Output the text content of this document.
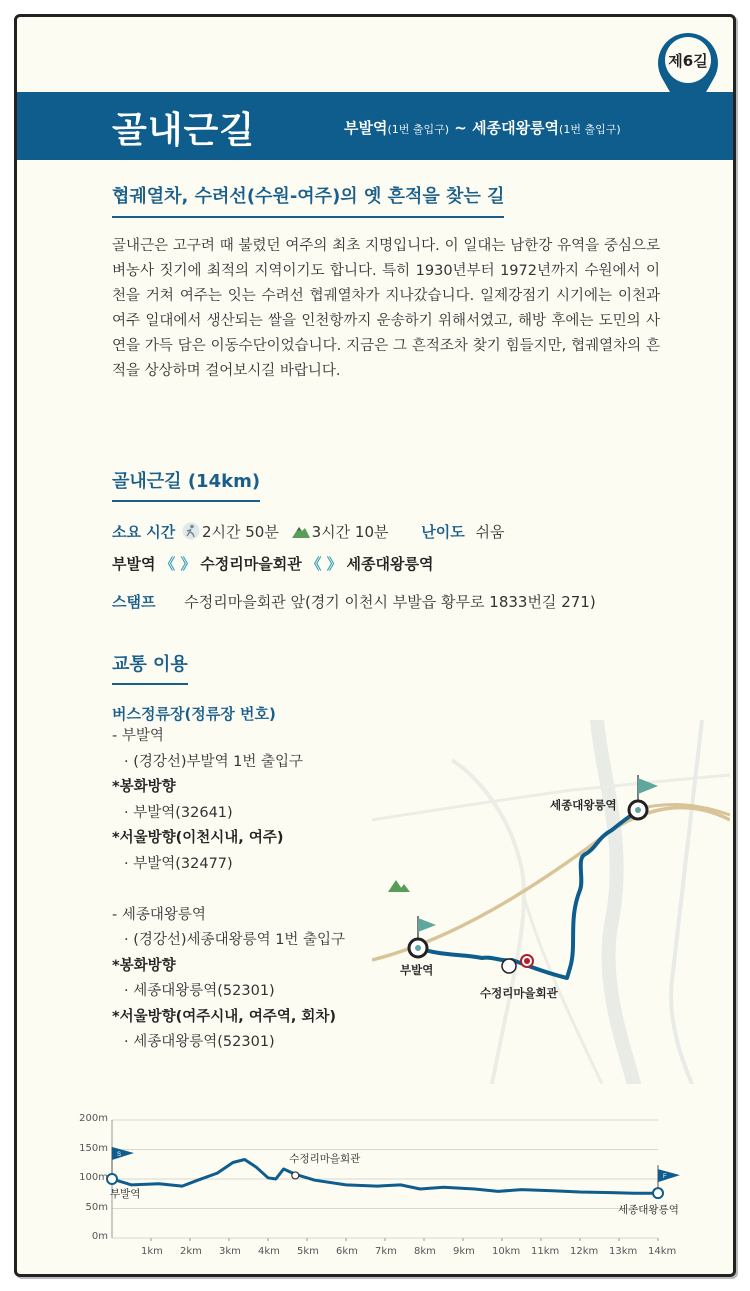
골내근길	부발역(1번 출입구) ~ 세종대왕릉역(1번 출입구)
제6길
협궤열차, 수려선(수원-여주)의 옛 흔적을 찾는 길

골내근은 고구려 때 불렸던 여주의 최초 지명입니다. 이 일대는 남한강 유역을 중심으로 벼농사 짓기에 최적의 지역이기도 합니다. 특히 1930년부터 1972년까지 수원에서 이천을 거쳐 여주는 잇는 수려선 협궤열차가 지나갔습니다. 일제강점기 시기에는 이천과 여주 일대에서 생산되는 쌀을 인천항까지 운송하기 위해서였고, 해방 후에는 도민의 사연을 가득 담은 이동수단이었습니다. 지금은 그 흔적조차 찾기 힘들지만, 협궤열차의 흔적을 상상하며 걸어보시길 바랍니다.

골내근길 (14km)
소요 시간 2시간 50분 3시간 10분 난이도 쉬움
부발역 《 》 수정리마을회관 《 》 세종대왕릉역
스탬프 수정리마을회관 앞(경기 이천시 부발읍 황무로 1833번길 271)
교통 이용
버스정류장(정류장 번호)
- 부발역
· (경강선)부발역 1번 출입구
*봉화방향
· 부발역(32641)
*서울방향(이천시내, 여주)
· 부발역(32477)
- 세종대왕릉역
· (경강선)세종대왕릉역 1번 출입구
*봉화방향
· 세종대왕릉역(52301)
*서울방향(여주시내, 여주역, 회차)
· 세종대왕릉역(52301)
부발역
수정리마을회관
세종대왕릉역
S
F
200m
150m
100m
50m
0m
1km 2km 3km 4km 5km 6km 7km 8km 9km 10km 11km 12km 13km 14km
부발역
수정리마을회관
세종대왕릉역
